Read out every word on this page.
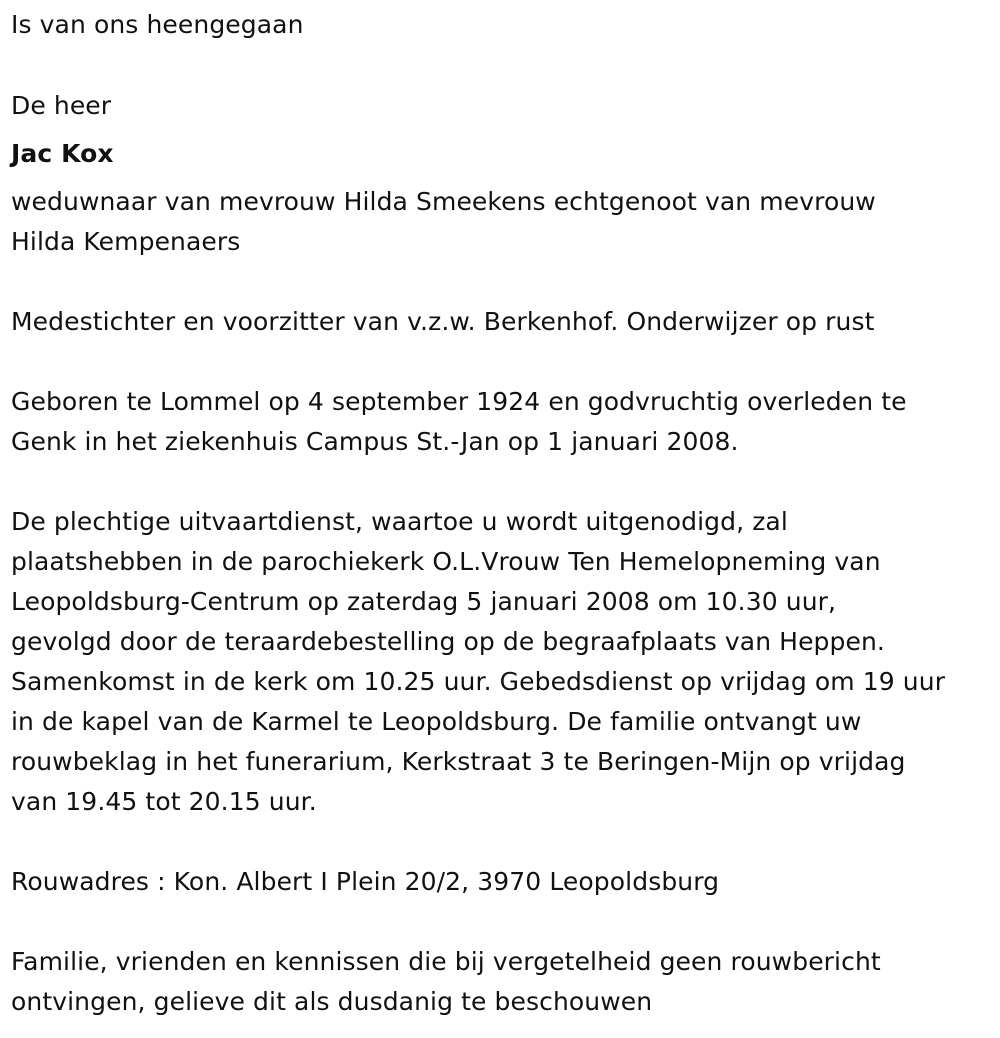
Is van ons heengegaan
De heer
Jac Kox
weduwnaar van mevrouw Hilda Smeekens echtgenoot van mevrouw
Hilda Kempenaers
Medestichter en voorzitter van v.z.w. Berkenhof. Onderwijzer op rust
Geboren te Lommel op 4 september 1924 en godvruchtig overleden te
Genk in het ziekenhuis Campus St.-Jan op 1 januari 2008.
De plechtige uitvaartdienst, waartoe u wordt uitgenodigd, zal
plaatshebben in de parochiekerk O.L.Vrouw Ten Hemelopneming van
Leopoldsburg-Centrum op zaterdag 5 januari 2008 om 10.30 uur,
gevolgd door de teraardebestelling op de begraafplaats van Heppen.
Samenkomst in de kerk om 10.25 uur. Gebedsdienst op vrijdag om 19 uur
in de kapel van de Karmel te Leopoldsburg. De familie ontvangt uw
rouwbeklag in het funerarium, Kerkstraat 3 te Beringen-Mijn op vrijdag
van 19.45 tot 20.15 uur.
Rouwadres : Kon. Albert I Plein 20/2, 3970 Leopoldsburg
Familie, vrienden en kennissen die bij vergetelheid geen rouwbericht
ontvingen, gelieve dit als dusdanig te beschouwen
